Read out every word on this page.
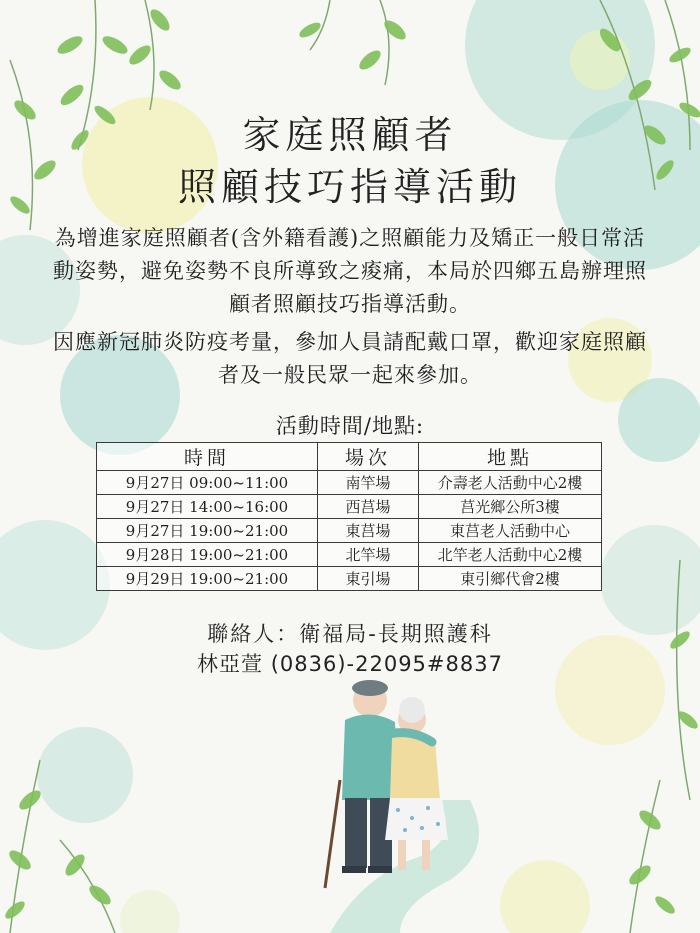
家庭照顧者
照顧技巧指導活動
為增進家庭照顧者(含外籍看護)之照顧能力及矯正一般日常活動姿勢，避免姿勢不良所導致之痠痛，本局於四鄉五島辦理照顧者照顧技巧指導活動。
因應新冠肺炎防疫考量，參加人員請配戴口罩，歡迎家庭照顧者及一般民眾一起來參加。
活動時間/地點:
時間	場次	地點
9月27日 09:00~11:00	南竿場	介壽老人活動中心2樓
9月27日 14:00~16:00	西莒場	莒光鄉公所3樓
9月27日 19:00~21:00	東莒場	東莒老人活動中心
9月28日 19:00~21:00	北竿場	北竿老人活動中心2樓
9月29日 19:00~21:00	東引場	東引鄉代會2樓
聯絡人：衛福局-長期照護科
林亞萱 (0836)-22095#8837
